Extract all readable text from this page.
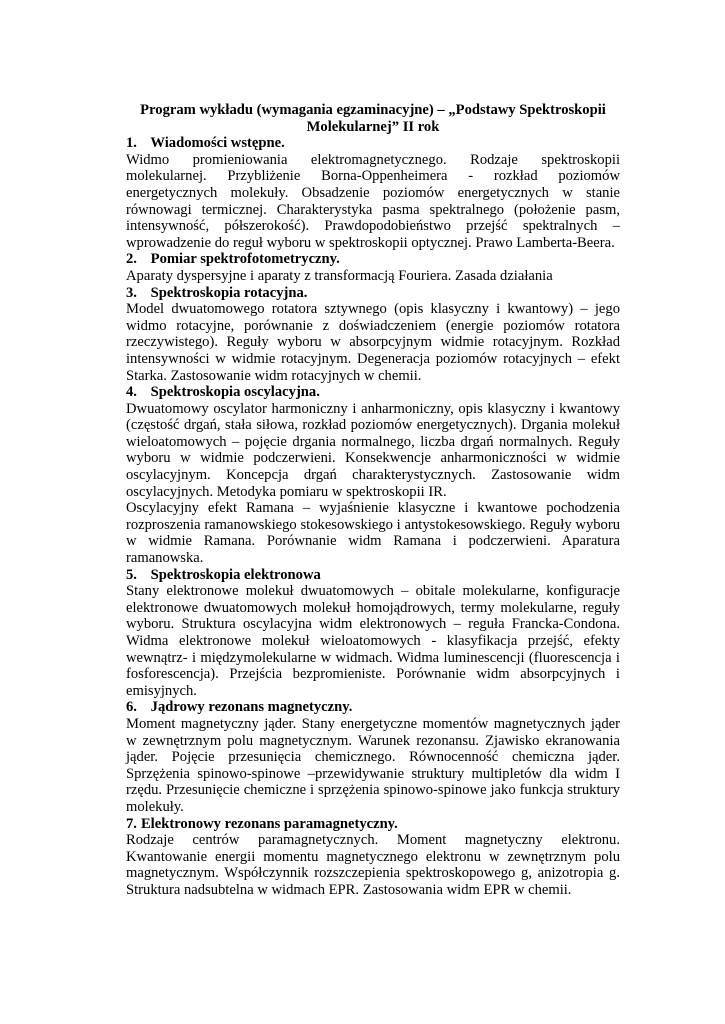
Program wykładu (wymagania egzaminacyjne) – „Podstawy Spektroskopii Molekularnej” II rok

1. Wiadomości wstępne.

Widmo promieniowania elektromagnetycznego. Rodzaje spektroskopii molekularnej. Przybliżenie Borna-Oppenheimera - rozkład poziomów energetycznych molekuły. Obsadzenie poziomów energetycznych w stanie równowagi termicznej. Charakterystyka pasma spektralnego (położenie pasm, intensywność, półszerokość). Prawdopodobieństwo przejść spektralnych – wprowadzenie do reguł wyboru w spektroskopii optycznej. Prawo Lamberta-Beera.

2. Pomiar spektrofotometryczny.

Aparaty dyspersyjne i aparaty z transformacją Fouriera. Zasada działania

3. Spektroskopia rotacyjna.

Model dwuatomowego rotatora sztywnego (opis klasyczny i kwantowy) – jego widmo rotacyjne, porównanie z doświadczeniem (energie poziomów rotatora rzeczywistego). Reguły wyboru w absorpcyjnym widmie rotacyjnym. Rozkład intensywności w widmie rotacyjnym. Degeneracja poziomów rotacyjnych – efekt Starka. Zastosowanie widm rotacyjnych w chemii.

4. Spektroskopia oscylacyjna.

Dwuatomowy oscylator harmoniczny i anharmoniczny, opis klasyczny i kwantowy (częstość drgań, stała siłowa, rozkład poziomów energetycznych). Drgania molekuł wieloatomowych – pojęcie drgania normalnego, liczba drgań normalnych. Reguły wyboru w widmie podczerwieni. Konsekwencje anharmoniczności w widmie oscylacyjnym. Koncepcja drgań charakterystycznych. Zastosowanie widm oscylacyjnych. Metodyka pomiaru w spektroskopii IR.

Oscylacyjny efekt Ramana – wyjaśnienie klasyczne i kwantowe pochodzenia rozproszenia ramanowskiego stokesowskiego i antystokesowskiego. Reguły wyboru w widmie Ramana. Porównanie widm Ramana i podczerwieni. Aparatura ramanowska.

5. Spektroskopia elektronowa

Stany elektronowe molekuł dwuatomowych – obitale molekularne, konfiguracje elektronowe dwuatomowych molekuł homojądrowych, termy molekularne, reguły wyboru. Struktura oscylacyjna widm elektronowych – reguła Francka-Condona. Widma elektronowe molekuł wieloatomowych - klasyfikacja przejść, efekty wewnątrz- i międzymolekularne w widmach. Widma luminescencji (fluorescencja i fosforescencja). Przejścia bezpromieniste. Porównanie widm absorpcyjnych i emisyjnych.

6. Jądrowy rezonans magnetyczny.

Moment magnetyczny jąder. Stany energetyczne momentów magnetycznych jąder w zewnętrznym polu magnetycznym. Warunek rezonansu. Zjawisko ekranowania jąder. Pojęcie przesunięcia chemicznego. Równocenność chemiczna jąder. Sprzężenia spinowo-spinowe –przewidywanie struktury multipletów dla widm I rzędu. Przesunięcie chemiczne i sprzężenia spinowo-spinowe jako funkcja struktury molekuły.

7. Elektronowy rezonans paramagnetyczny.

Rodzaje centrów paramagnetycznych. Moment magnetyczny elektronu. Kwantowanie energii momentu magnetycznego elektronu w zewnętrznym polu magnetycznym. Współczynnik rozszczepienia spektroskopowego g, anizotropia g. Struktura nadsubtelna w widmach EPR. Zastosowania widm EPR w chemii.
